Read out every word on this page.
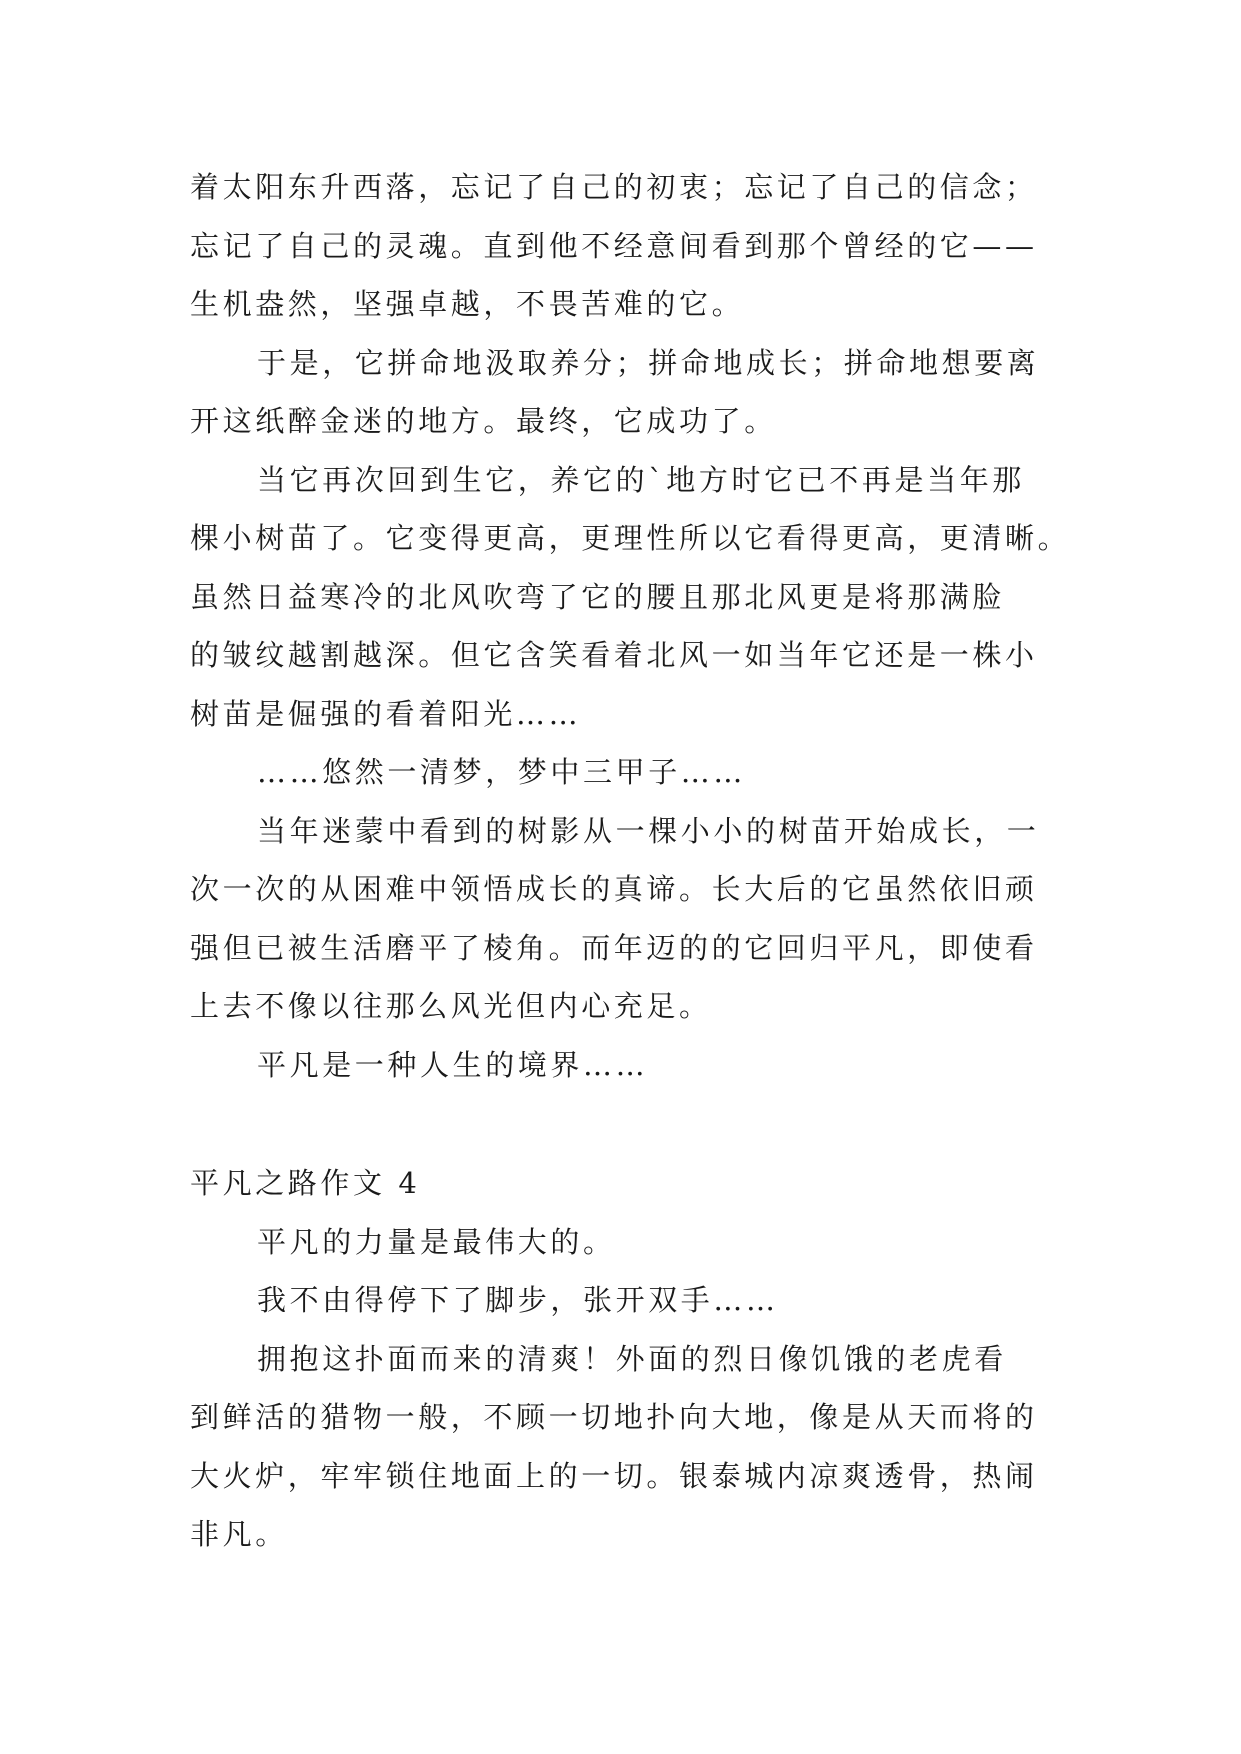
着太阳东升西落，忘记了自己的初衷；忘记了自己的信念；
忘记了自己的灵魂。直到他不经意间看到那个曾经的它——
生机盎然，坚强卓越，不畏苦难的它。
于是，它拼命地汲取养分；拼命地成长；拼命地想要离
开这纸醉金迷的地方。最终，它成功了。
当它再次回到生它，养它的`地方时它已不再是当年那
棵小树苗了。它变得更高，更理性所以它看得更高，更清晰。
虽然日益寒冷的北风吹弯了它的腰且那北风更是将那满脸
的皱纹越割越深。但它含笑看着北风一如当年它还是一株小
树苗是倔强的看着阳光……
……悠然一清梦，梦中三甲子……
当年迷蒙中看到的树影从一棵小小的树苗开始成长，一
次一次的从困难中领悟成长的真谛。长大后的它虽然依旧顽
强但已被生活磨平了棱角。而年迈的的它回归平凡，即使看
上去不像以往那么风光但内心充足。
平凡是一种人生的境界……
平凡之路作文 4
平凡的力量是最伟大的。
我不由得停下了脚步，张开双手……
拥抱这扑面而来的清爽！外面的烈日像饥饿的老虎看
到鲜活的猎物一般，不顾一切地扑向大地，像是从天而将的
大火炉，牢牢锁住地面上的一切。银泰城内凉爽透骨，热闹
非凡。
